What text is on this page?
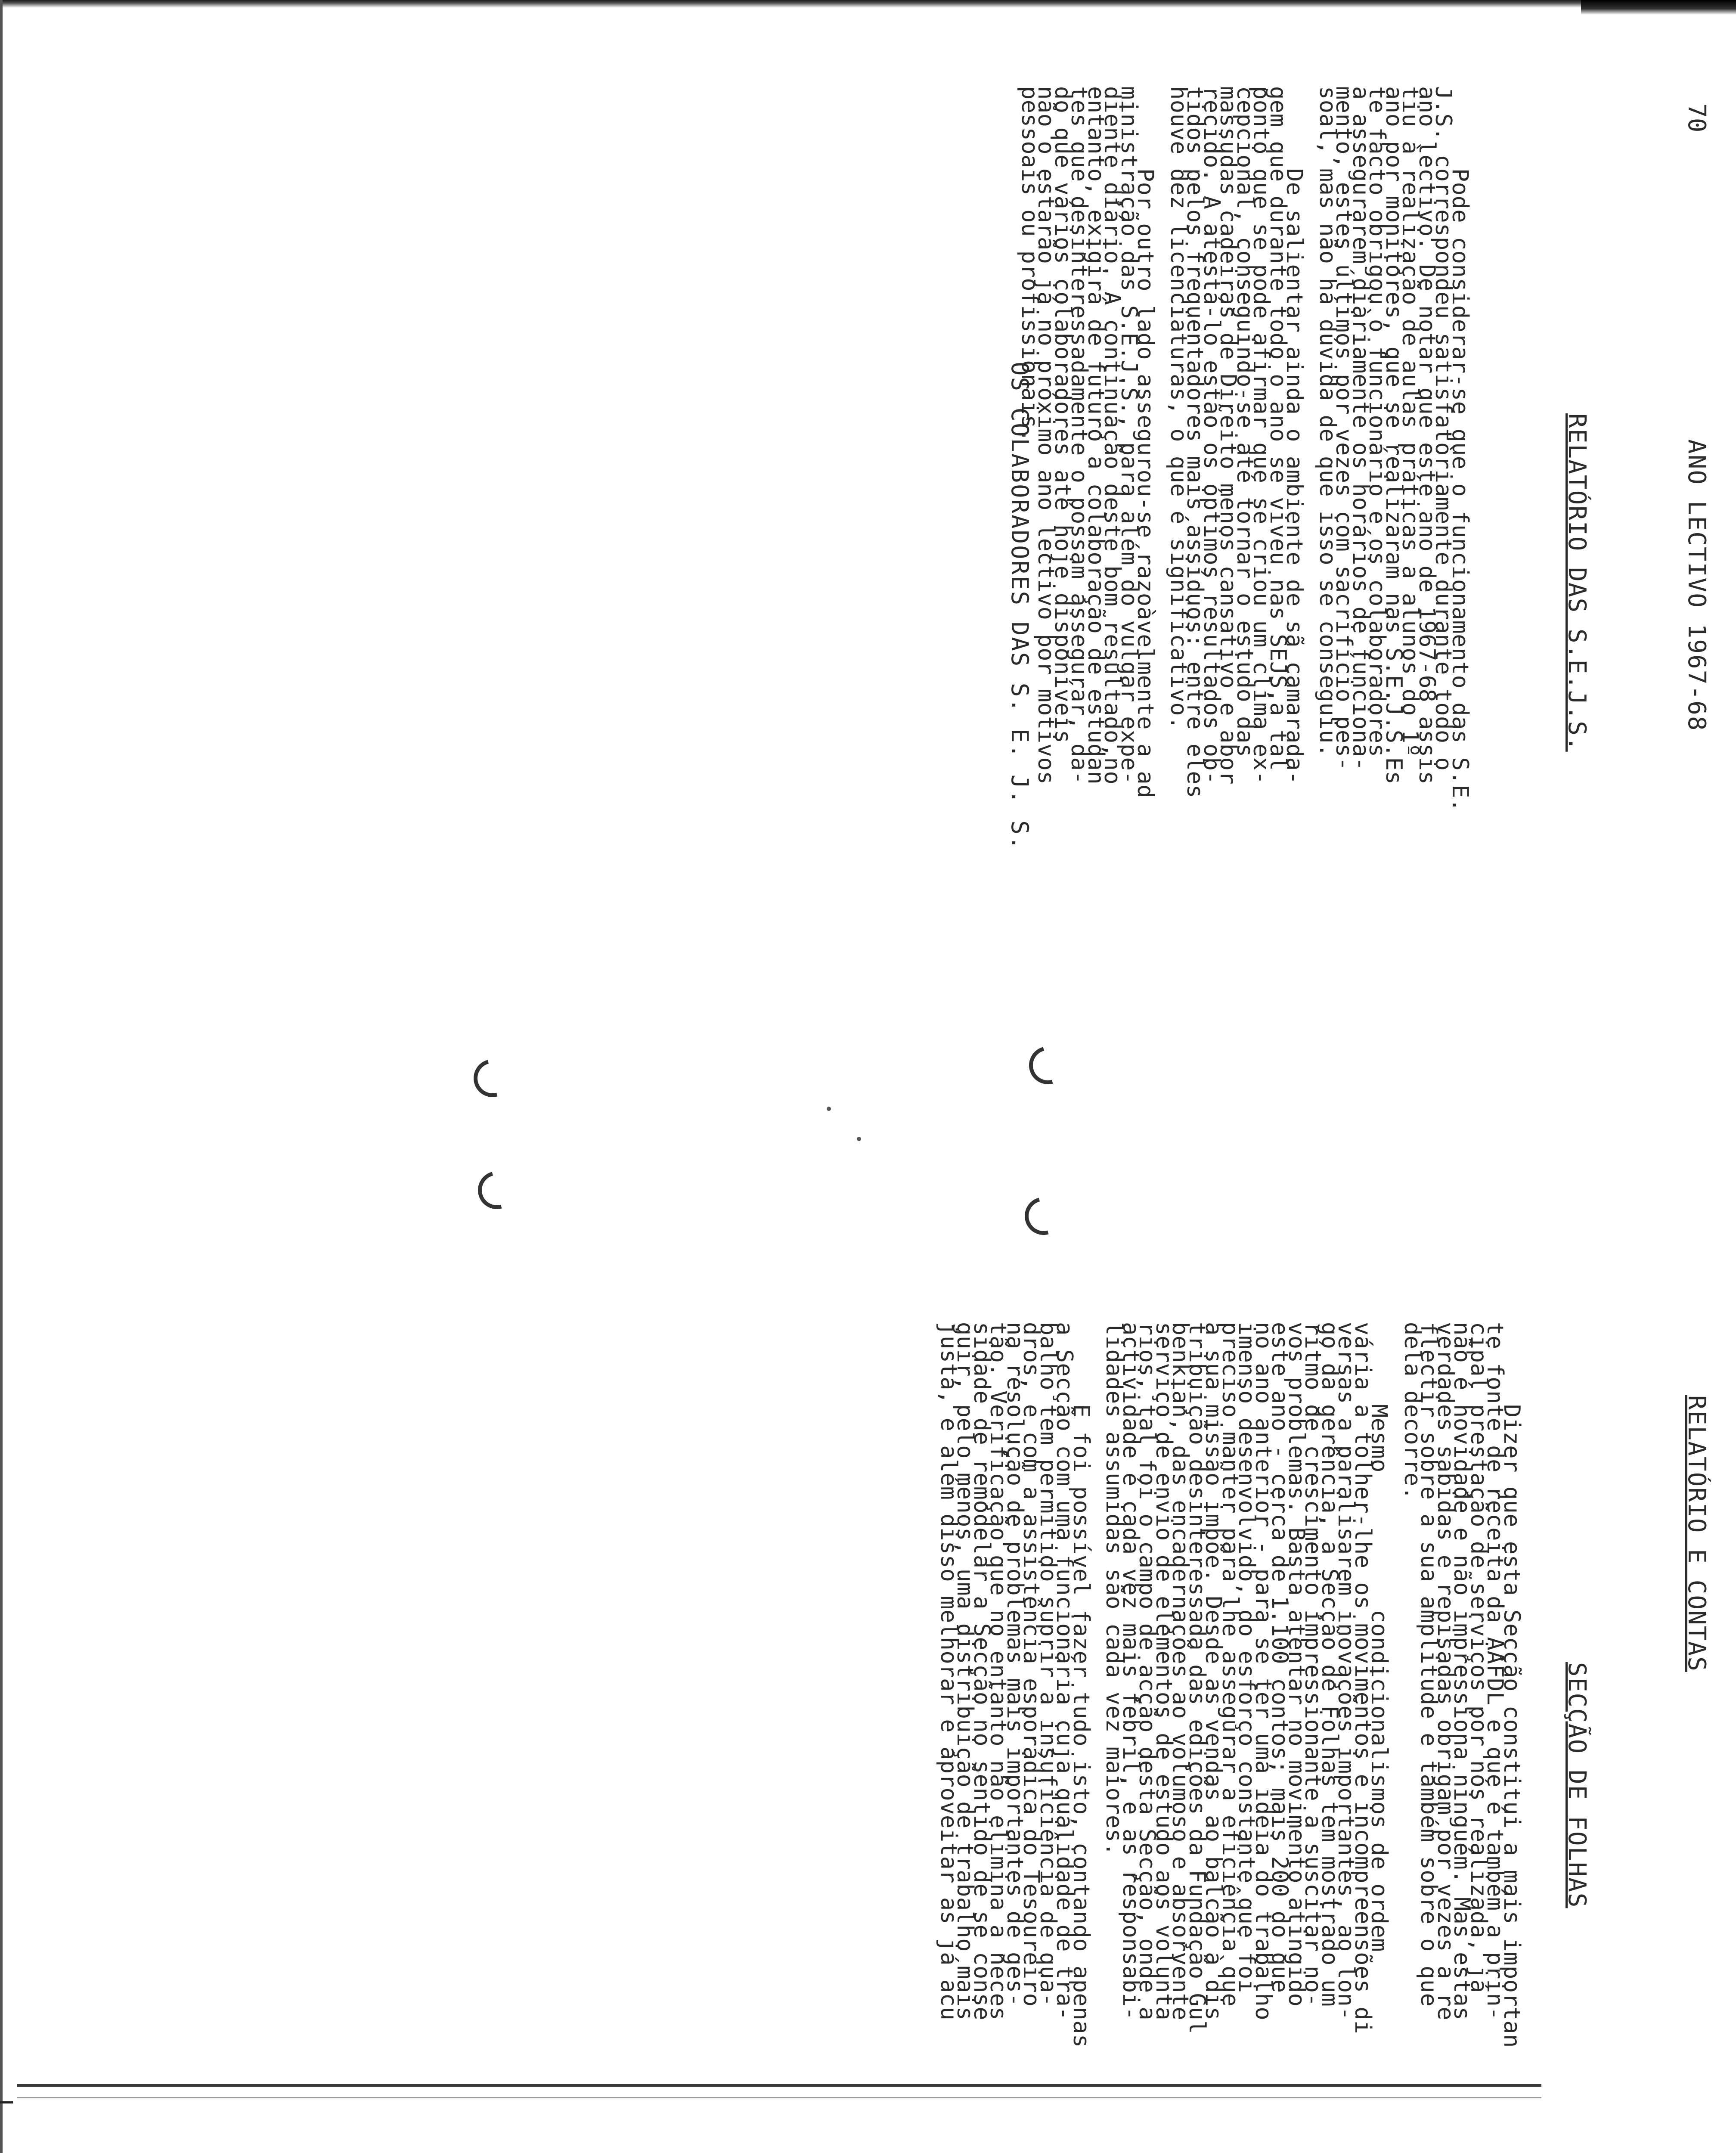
70
ANO LECTIVO 1967-68
RELATÓRIO DAS S.E.J.S.

Pode considerar-se que o funcionamento das S.E.
J.S. correspondeu satisfatòriamente durante todo o
ano lectivo. De notar que este ano de 1967-68 assis
tiu à realização de aulas práticas a alunos do 1º
ano por monitores, que se realizaram nas S.E.J.S.Es
te facto obrigou o funcionário e os colaboradores
a assegurarem diàriamente os horários de funciona-
mento, estes últimos por vezes com sacrifício pes-
soal, mas não há dúvida de que isso se conseguiu.

De salientar ainda o ambiente de sã camarada-
gem que durante todo o ano se viveu nas SEJS,a tal
ponto que se pode afirmar que se criou um clima ex-
cepcional, conseguindo-se até tornar o estudo das
massudas cadeiras de Direito menos cansativo e abor
recido. A atestá-lo estão os óptimos resultados ob-
tidos pelos frequentadores mais assíduos: entre eles
houve dez licenciaturas, o que é significativo.

Por outro lado assegurou-se razoàvelmente a ad
ministração das S.E.J.S., para além do vulgar expe-
diente diário. A continuação deste bom resultado,no
entanto, exigirá de futuro a colaboração de estudan
tes que desinteressadamente o possam assegurar, da-
do que vários colaboradores até hoje disponíveis
não o estarão já no próximo ano lectivo por motivos
pessoais ou profissionais.

OS COLABORADORES DAS S. E. J. S.
RELATÓRIO E CONTAS
SECÇÃO DE FOLHAS

Dizer que esta Secção constitui a mais importan
te fonte de receita da AAFDL e que é também a prin-
cipal prestação de serviços por nós realizada, já
não é novidade e não impressiona ninguém. Mas estas
verdades sabidas e repisadas obrigam por vezes a re
flectir sobre a sua amplitude e também sobre o que
dela decorre.

Mesmo          condicionalismos de ordem
vária a tolher-lhe os movimentos e incompreensões di
versas a paralisarem inovações importantes, ao lon-
go da gerência, a Secção de Folhas tem mostrado um
rítmo de crescimento impressionante a suscitar no-
vos problemas. Basta atentar no movimento atingido
este ano - cerca de 1.100 contos; mais 200 do que
no ano anterior - para se ter uma ideia do trabalho
imenso desenvolvido, do esforço constante que foi
preciso manter para lhe assegurar a eficiência que
a sua missão impõe. Desde as vendas ao balcão à dis
tribuição desinteressada das edições da Fundação Gul
benkian, das encadernações ao volumoso e absorvente
serviço de envio de elementos de estudo aos volunta
rios, tal foi o campo de acção desta Secção, onde a
actividade é cada vez mais febril, e as responsabi-
lidades assumidas são cada vez maiores.

E foi possível fazer tudo isto, contando apenas
a Secção com uma funcionária cuja qualidade de tra-
balho tem permitido suprir a insuficiência de qua-
dros, e com a assistência esporádica do Tesoureiro
na resolução de problemas mais importantes de ges-
tão. Verificação que no entanto não elimina a neces
sidade de remodelar a Secção no sentido de se conse
guir, pelo menos, uma distribuição de trabalho mais
justa, e além disso melhorar e aproveitar as já acu
